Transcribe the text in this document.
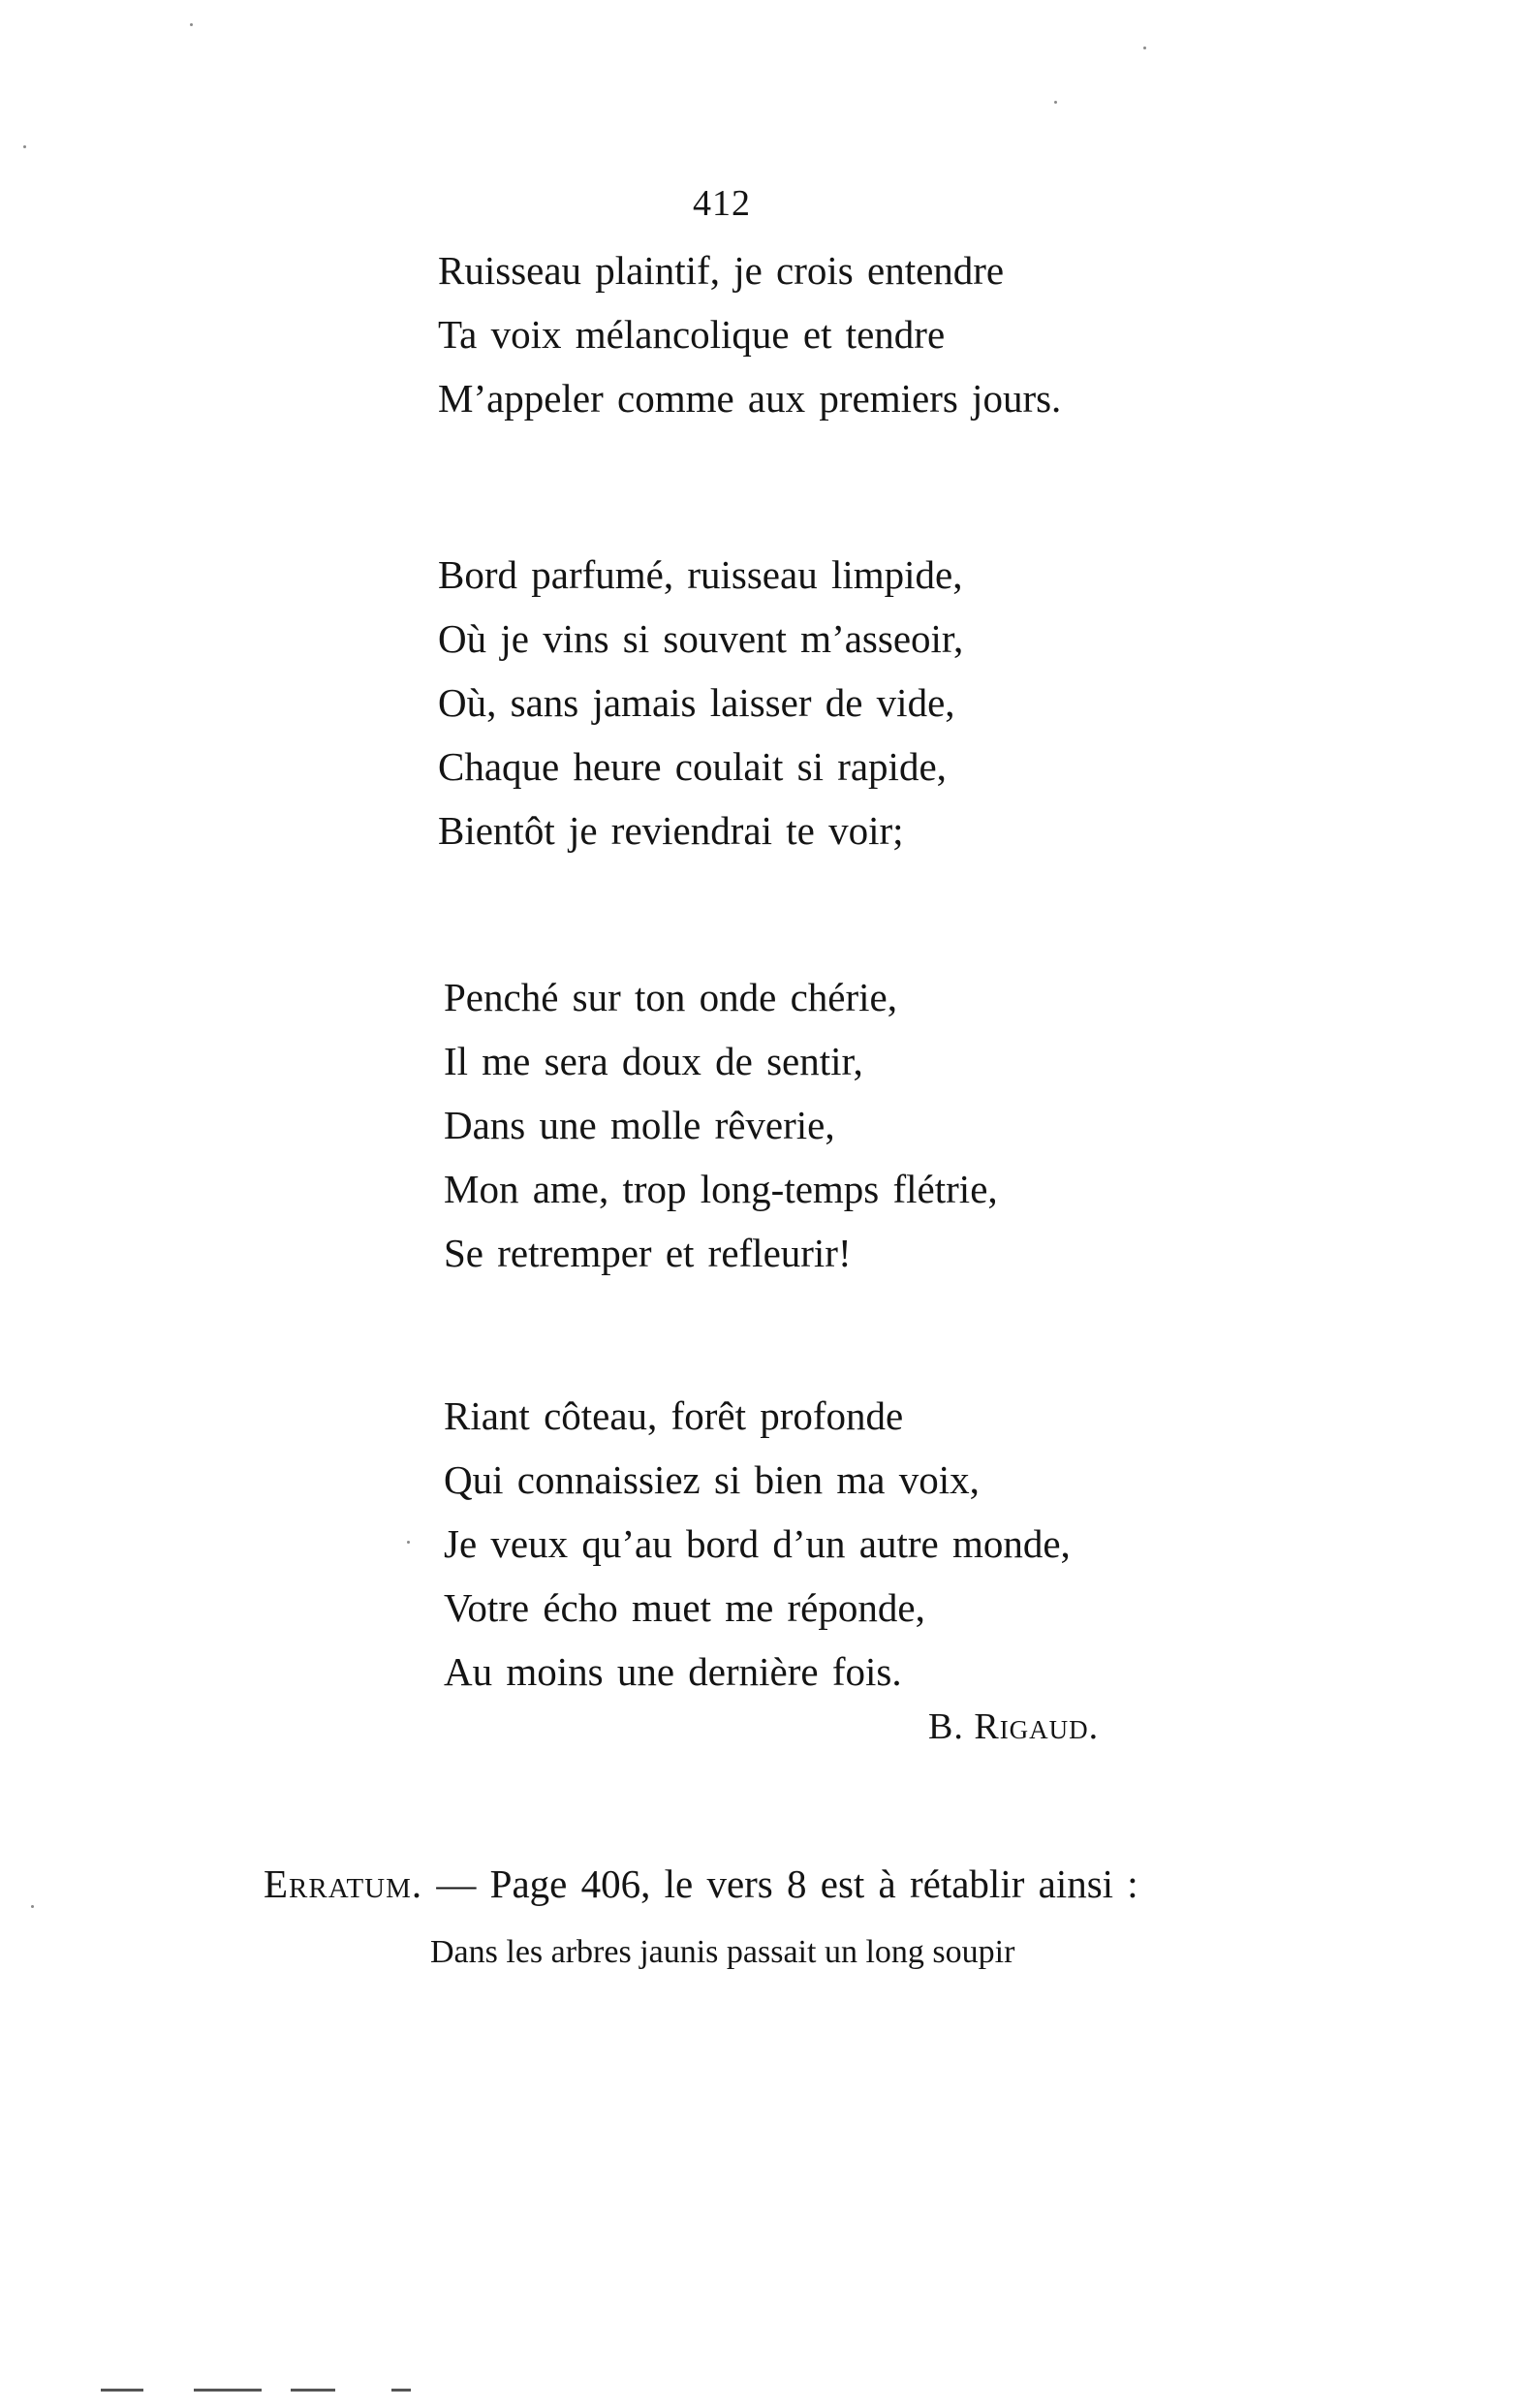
412
Ruisseau plaintif, je crois entendre
Ta voix mélancolique et tendre
M’appeler comme aux premiers jours.
Bord parfumé, ruisseau limpide,
Où je vins si souvent m’asseoir,
Où, sans jamais laisser de vide,
Chaque heure coulait si rapide,
Bientôt je reviendrai te voir;
Penché sur ton onde chérie,
Il me sera doux de sentir,
Dans une molle rêverie,
Mon ame, trop long-temps flétrie,
Se retremper et refleurir!
Riant côteau, forêt profonde
Qui connaissiez si bien ma voix,
Je veux qu’au bord d’un autre monde,
Votre écho muet me réponde,
Au moins une dernière fois.
B. Rigaud.
Erratum. — Page 406, le vers 8 est à rétablir ainsi :
Dans les arbres jaunis passait un long soupir
